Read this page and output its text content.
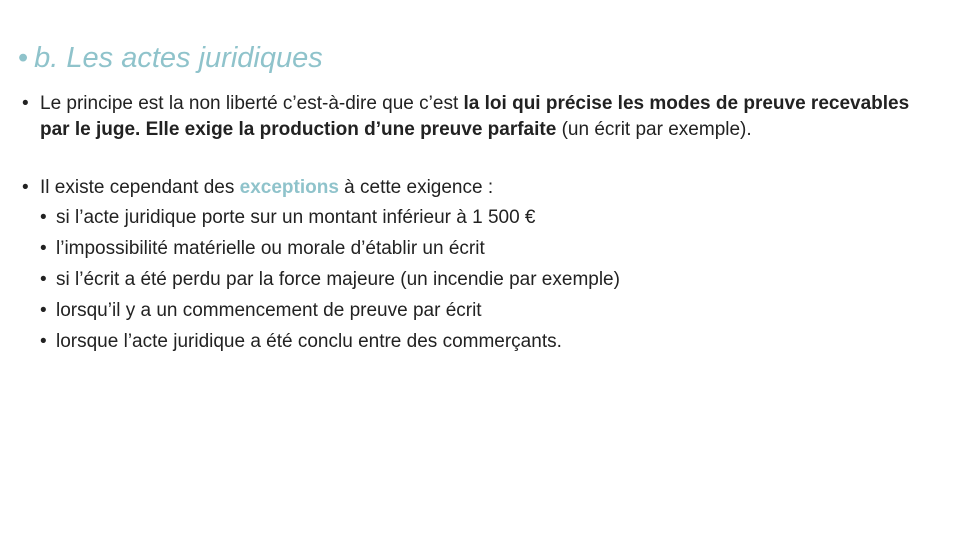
• b. Les actes juridiques
• Le principe est la non liberté c’est-à-dire que c’est la loi qui précise les modes de preuve recevables par le juge. Elle exige la production d’une preuve parfaite (un écrit par exemple).
• Il existe cependant des exceptions à cette exigence :
• si l’acte juridique porte sur un montant inférieur à 1 500 €
• l’impossibilité matérielle ou morale d’établir un écrit
• si l’écrit a été perdu par la force majeure (un incendie par exemple)
• lorsqu’il y a un commencement de preuve par écrit
• lorsque l’acte juridique a été conclu entre des commerçants.
